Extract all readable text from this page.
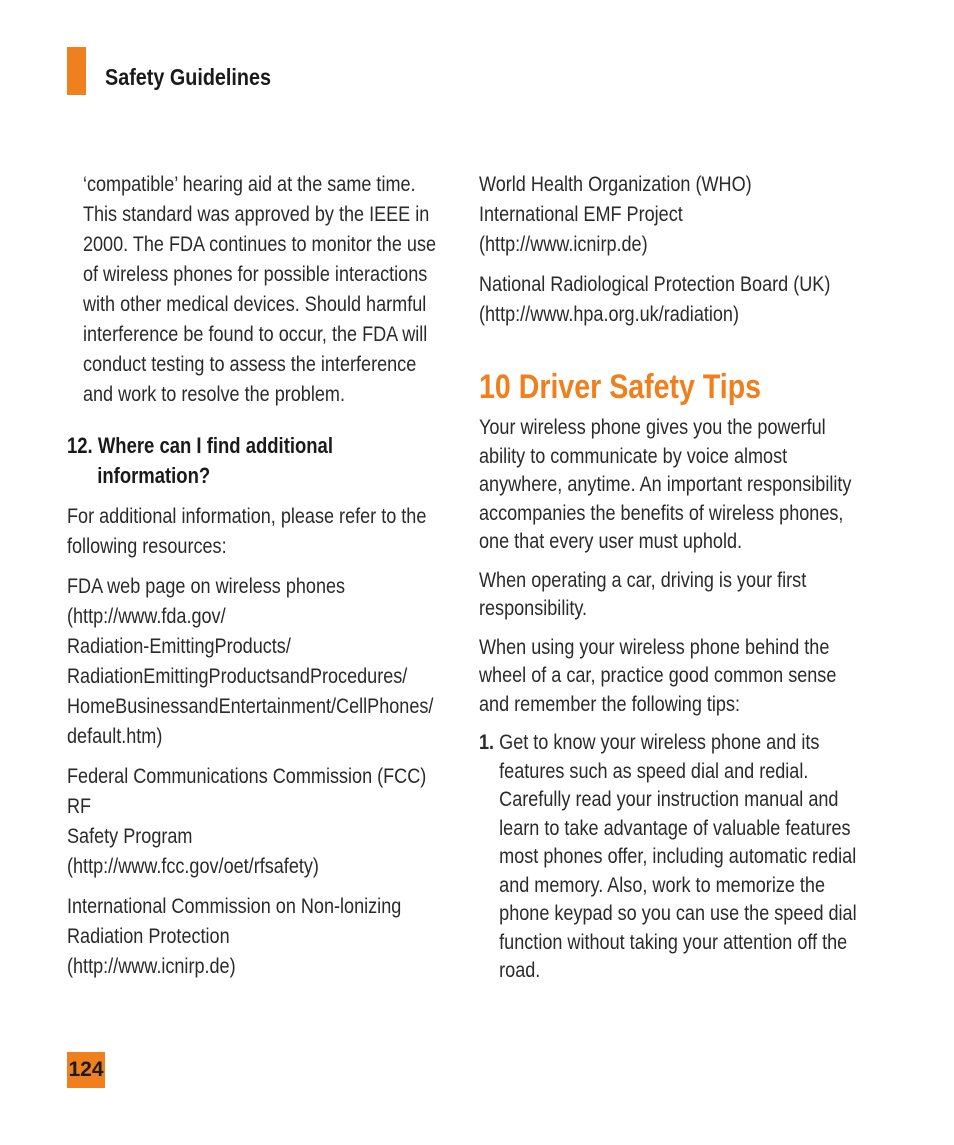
Safety Guidelines

‘compatible’ hearing aid at the same time. This standard was approved by the IEEE in 2000. The FDA continues to monitor the use of wireless phones for possible interactions with other medical devices. Should harmful interference be found to occur, the FDA will conduct testing to assess the interference and work to resolve the problem.

12. Where can I find additional
information?

For additional information, please refer to the following resources:

FDA web page on wireless phones

(http://www.fda.gov/

Radiation-EmittingProducts/

RadiationEmittingProductsandProcedures/

HomeBusinessandEntertainment/CellPhones/

default.htm)

Federal Communications Commission (FCC) RF

Safety Program

(http://www.fcc.gov/oet/rfsafety)

International Commission on Non-lonizing

Radiation Protection

(http://www.icnirp.de)

World Health Organization (WHO)

International EMF Project

(http://www.icnirp.de)

National Radiological Protection Board (UK)

(http://www.hpa.org.uk/radiation)

10 Driver Safety Tips

Your wireless phone gives you the powerful ability to communicate by voice almost anywhere, anytime. An important responsibility accompanies the benefits of wireless phones, one that every user must uphold.

When operating a car, driving is your first responsibility.

When using your wireless phone behind the wheel of a car, practice good common sense and remember the following tips:

1. Get to know your wireless phone and its features such as speed dial and redial. Carefully read your instruction manual and learn to take advantage of valuable features most phones offer, including automatic redial and memory. Also, work to memorize the phone keypad so you can use the speed dial function without taking your attention off the road.

124
